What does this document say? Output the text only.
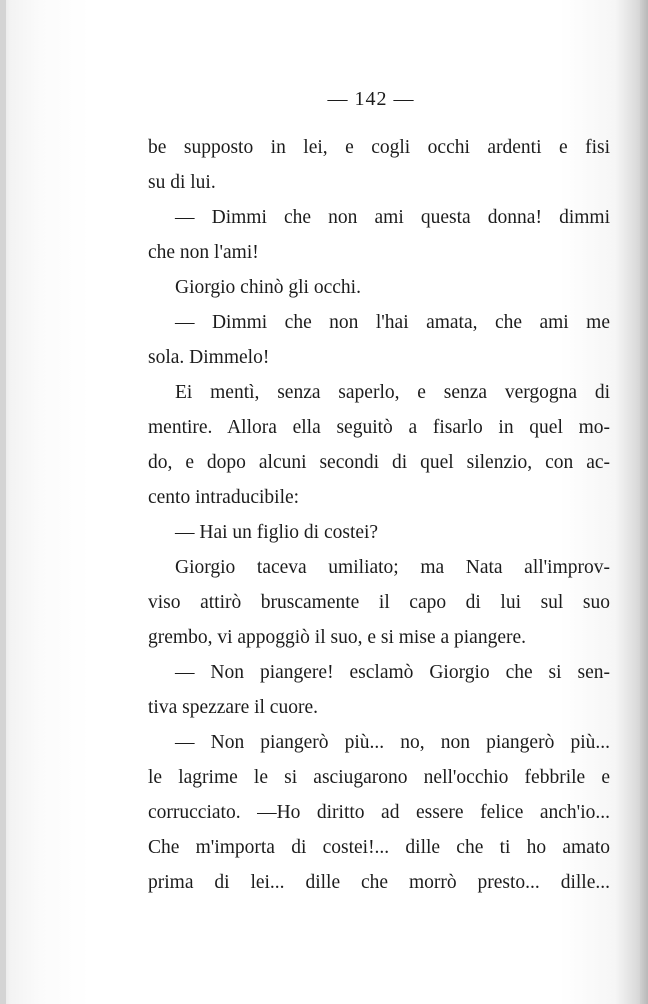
— 142 —
be supposto in lei, e cogli occhi ardenti e fisi
su di lui.
— Dimmi che non ami questa donna! dimmi
che non l'ami!
Giorgio chinò gli occhi.
— Dimmi che non l'hai amata, che ami me
sola. Dimmelo!
Ei mentì, senza saperlo, e senza vergogna di
mentire. Allora ella seguitò a fisarlo in quel mo-
do, e dopo alcuni secondi di quel silenzio, con ac-
cento intraducibile:
— Hai un figlio di costei?
Giorgio taceva umiliato; ma Nata all'improv-
viso attirò bruscamente il capo di lui sul suo
grembo, vi appoggiò il suo, e si mise a piangere.
— Non piangere! esclamò Giorgio che si sen-
tiva spezzare il cuore.
— Non piangerò più... no, non piangerò più...
le lagrime le si asciugarono nell'occhio febbrile e
corrucciato. —Ho diritto ad essere felice anch'io...
Che m'importa di costei!... dille che ti ho amato
prima di lei... dille che morrò presto... dille...
